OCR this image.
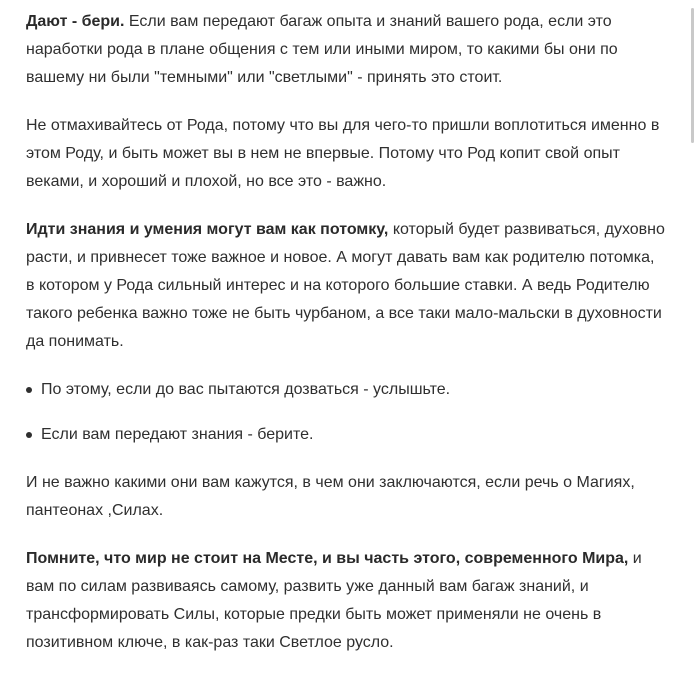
Дают - бери. Если вам передают багаж опыта и знаний вашего рода, если это наработки рода в плане общения с тем или иными миром, то какими бы они по вашему ни были "темными" или "светлыми" - принять это стоит.

Не отмахивайтесь от Рода, потому что вы для чего-то пришли воплотиться именно в этом Роду, и быть может вы в нем не впервые. Потому что Род копит свой опыт веками, и хороший и плохой, но все это - важно.

Идти знания и умения могут вам как потомку, который будет развиваться, духовно расти, и привнесет тоже важное и новое. А могут давать вам как родителю потомка, в котором у Рода сильный интерес и на которого большие ставки. А ведь Родителю такого ребенка важно тоже не быть чурбаном, а все таки мало-мальски в духовности да понимать.

По этому, если до вас пытаются дозваться - услышьте.
Если вам передают знания - берите.

И не важно какими они вам кажутся, в чем они заключаются, если речь о Магиях, пантеонах ,Силах.

Помните, что мир не стоит на Месте, и вы часть этого, современного Мира, и вам по силам развиваясь самому, развить уже данный вам багаж знаний, и трансформировать Силы, которые предки быть может применяли не очень в позитивном ключе, в как-раз таки Светлое русло.
